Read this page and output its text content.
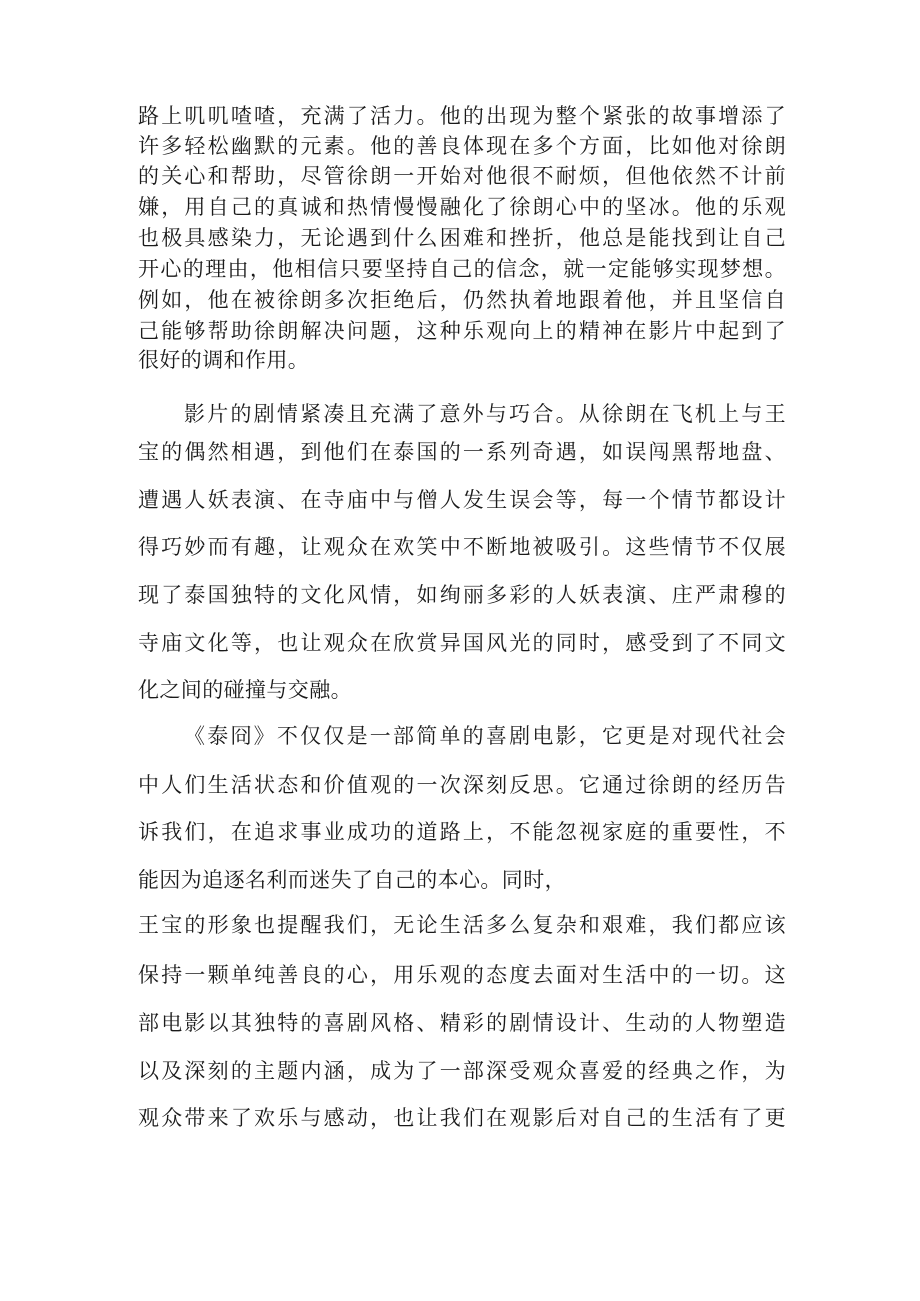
路上叽叽喳喳，充满了活力。他的出现为整个紧张的故事增添了
许多轻松幽默的元素。他的善良体现在多个方面，比如他对徐朗
的关心和帮助，尽管徐朗一开始对他很不耐烦，但他依然不计前
嫌，用自己的真诚和热情慢慢融化了徐朗心中的坚冰。他的乐观
也极具感染力，无论遇到什么困难和挫折，他总是能找到让自己
开心的理由，他相信只要坚持自己的信念，就一定能够实现梦想。
例如，他在被徐朗多次拒绝后，仍然执着地跟着他，并且坚信自
己能够帮助徐朗解决问题，这种乐观向上的精神在影片中起到了
很好的调和作用。
影片的剧情紧凑且充满了意外与巧合。从徐朗在飞机上与王
宝的偶然相遇，到他们在泰国的一系列奇遇，如误闯黑帮地盘、
遭遇人妖表演、在寺庙中与僧人发生误会等，每一个情节都设计
得巧妙而有趣，让观众在欢笑中不断地被吸引。这些情节不仅展
现了泰国独特的文化风情，如绚丽多彩的人妖表演、庄严肃穆的
寺庙文化等，也让观众在欣赏异国风光的同时，感受到了不同文
化之间的碰撞与交融。
《泰冏》不仅仅是一部简单的喜剧电影，它更是对现代社会
中人们生活状态和价值观的一次深刻反思。它通过徐朗的经历告
诉我们，在追求事业成功的道路上，不能忽视家庭的重要性，不
能因为追逐名利而迷失了自己的本心。同时，
王宝的形象也提醒我们，无论生活多么复杂和艰难，我们都应该
保持一颗单纯善良的心，用乐观的态度去面对生活中的一切。这
部电影以其独特的喜剧风格、精彩的剧情设计、生动的人物塑造
以及深刻的主题内涵，成为了一部深受观众喜爱的经典之作，为
观众带来了欢乐与感动，也让我们在观影后对自己的生活有了更
